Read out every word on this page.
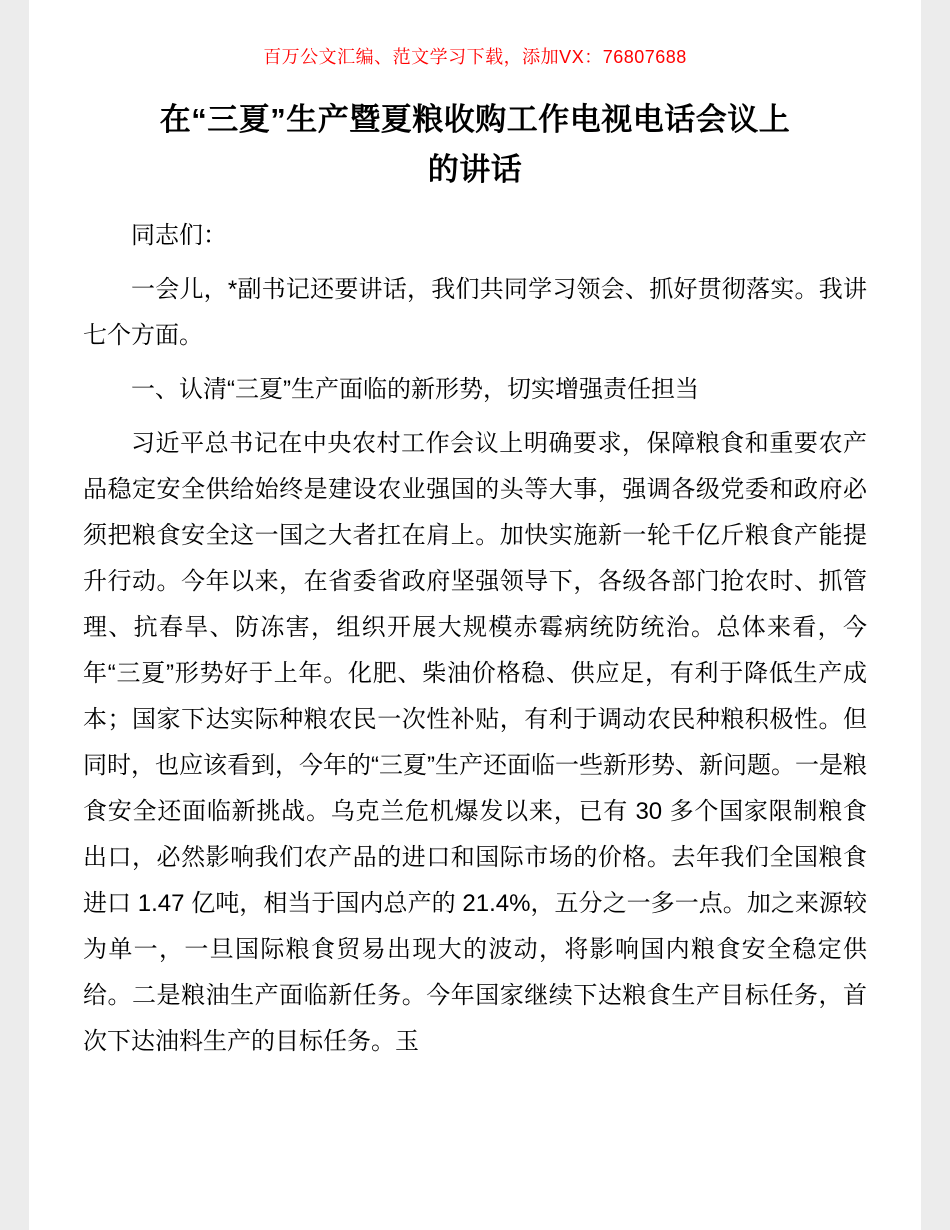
百万公文汇编、范文学习下载，添加VX：76807688
在“三夏”生产暨夏粮收购工作电视电话会议上的讲话

同志们：

一会儿，*副书记还要讲话，我们共同学习领会、抓好贯彻落实。我讲七个方面。

一、认清“三夏”生产面临的新形势，切实增强责任担当

习近平总书记在中央农村工作会议上明确要求，保障粮食和重要农产品稳定安全供给始终是建设农业强国的头等大事，强调各级党委和政府必须把粮食安全这一国之大者扛在肩上。加快实施新一轮千亿斤粮食产能提升行动。今年以来，在省委省政府坚强领导下，各级各部门抢农时、抓管理、抗春旱、防冻害，组织开展大规模赤霉病统防统治。总体来看，今年“三夏”形势好于上年。化肥、柴油价格稳、供应足，有利于降低生产成本；国家下达实际种粮农民一次性补贴，有利于调动农民种粮积极性。但同时，也应该看到，今年的“三夏”生产还面临一些新形势、新问题。一是粮食安全还面临新挑战。乌克兰危机爆发以来，已有 30 多个国家限制粮食出口，必然影响我们农产品的进口和国际市场的价格。去年我们全国粮食进口 1.47 亿吨，相当于国内总产的 21.4%，五分之一多一点。加之来源较为单一，一旦国际粮食贸易出现大的波动，将影响国内粮食安全稳定供给。二是粮油生产面临新任务。今年国家继续下达粮食生产目标任务，首次下达油料生产的目标任务。玉
